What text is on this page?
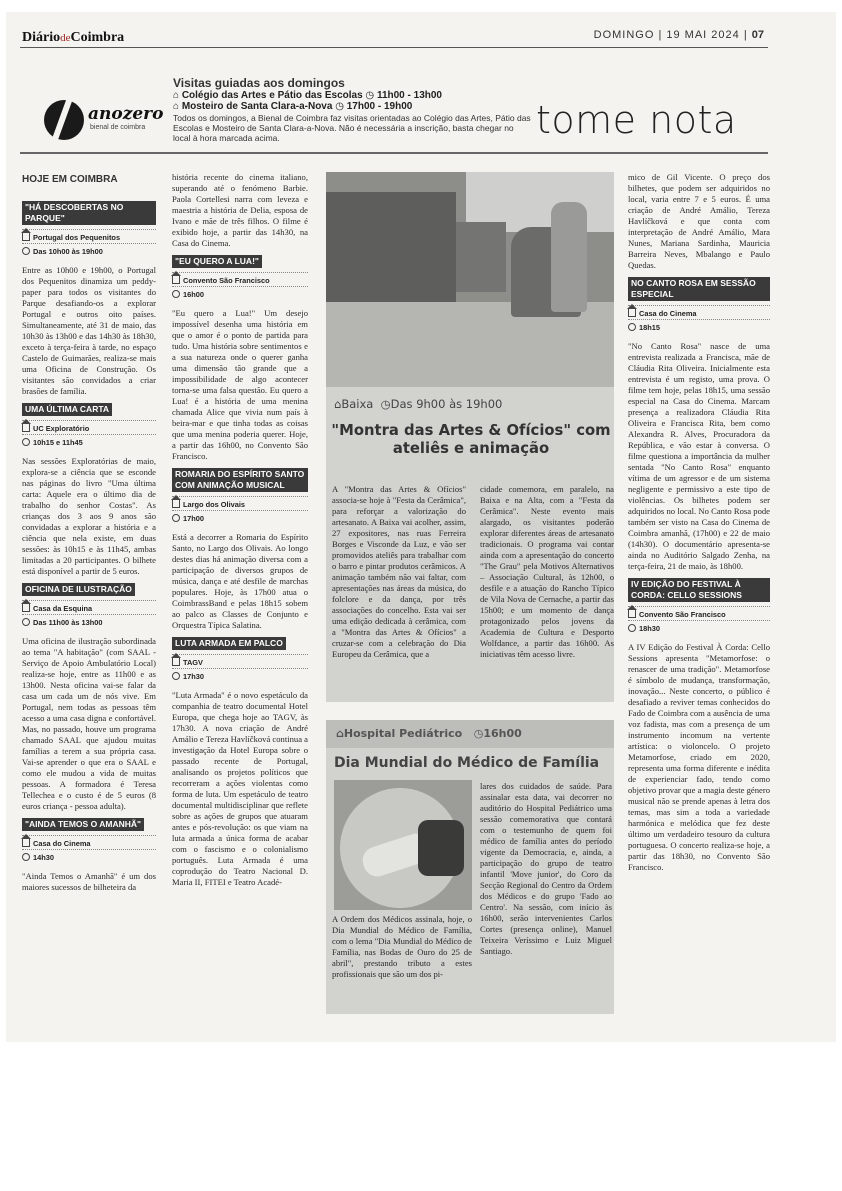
DiáriodeCoimbra	DOMINGO | 19 MAI 2024 | 07
anozero
bienal de coimbra
Visitas guiadas aos domingos
⌂ Colégio das Artes e Pátio das Escolas ◷ 11h00 - 13h00
⌂ Mosteiro de Santa Clara-a-Nova ◷ 17h00 - 19h00
Todos os domingos, a Bienal de Coimbra faz visitas orientadas ao Colégio das Artes, Pátio das Escolas e Mosteiro de Santa Clara-a-Nova. Não é necessária a inscrição, basta chegar no local à hora marcada acima.	tome nota
HOJE EM COIMBRA
"HÁ DESCOBERTAS NO PARQUE"
Portugal dos Pequenitos
Das 10h00 às 19h00

Entre as 10h00 e 19h00, o Portugal dos Pequenitos dinamiza um peddy-paper para todos os visitantes do Parque desafiando-os a explorar Portugal e outros oito países. Simultaneamente, até 31 de maio, das 10h30 às 13h00 e das 14h30 às 18h30, exceto à terça-feira à tarde, no espaço Castelo de Guimarães, realiza-se mais uma Oficina de Construção. Os visitantes são convidados a criar brasões de família.

UMA ÚLTIMA CARTA
UC Exploratório
10h15 e 11h45

Nas sessões Exploratórias de maio, explora-se a ciência que se esconde nas páginas do livro "Uma última carta: Aquele era o último dia de trabalho do senhor Costas". As crianças dos 3 aos 9 anos são convidadas a explorar a história e a ciência que nela existe, em duas sessões: às 10h15 e às 11h45, ambas limitadas a 20 participantes. O bilhete está disponível a partir de 5 euros.

OFICINA DE ILUSTRAÇÃO
Casa da Esquina
Das 11h00 às 13h00

Uma oficina de ilustração subordinada ao tema "A habitação" (com SAAL - Serviço de Apoio Ambulatório Local) realiza-se hoje, entre as 11h00 e as 13h00. Nesta oficina vai-se falar da casa um cada um de nós vive. Em Portugal, nem todas as pessoas têm acesso a uma casa digna e confortável. Mas, no passado, houve um programa chamado SAAL que ajudou muitas famílias a terem a sua própria casa. Vai-se aprender o que era o SAAL e como ele mudou a vida de muitas pessoas. A formadora é Teresa Tellechea e o custo é de 5 euros (8 euros criança - pessoa adulta).

"AINDA TEMOS O AMANHÃ"
Casa do Cinema
14h30

"Ainda Temos o Amanhã" é um dos maiores sucessos de bilheteira da

história recente do cinema italiano, superando até o fenómeno Barbie. Paola Cortellesi narra com leveza e maestria a história de Delia, esposa de Ivano e mãe de três filhos. O filme é exibido hoje, a partir das 14h30, na Casa do Cinema.

"EU QUERO A LUA!"
Convento São Francisco
16h00

"Eu quero a Lua!" Um desejo impossível desenha uma história em que o amor é o ponto de partida para tudo. Uma história sobre sentimentos e a sua natureza onde o querer ganha uma dimensão tão grande que a impossibilidade de algo acontecer torna-se uma falsa questão. Eu quero a Lua! é a história de uma menina chamada Alice que vivia num país à beira-mar e que tinha todas as coisas que uma menina poderia querer. Hoje, a partir das 16h00, no Convento São Francisco.

ROMARIA DO ESPÍRITO SANTO COM ANIMAÇÃO MUSICAL
Largo dos Olivais
17h00

Está a decorrer a Romaria do Espírito Santo, no Largo dos Olivais. Ao longo destes dias há animação diversa com a participação de diversos grupos de música, dança e até desfile de marchas populares. Hoje, às 17h00 atua o CoimbrassBand e pelas 18h15 sobem ao palco as Classes de Conjunto e Orquestra Típica Salatina.

LUTA ARMADA EM PALCO
TAGV
17h30

"Luta Armada" é o novo espetáculo da companhia de teatro documental Hotel Europa, que chega hoje ao TAGV, às 17h30. A nova criação de André Amálio e Tereza Havlíčková continua a investigação da Hotel Europa sobre o passado recente de Portugal, analisando os projetos políticos que recorreram a ações violentas como forma de luta. Um espetáculo de teatro documental multidisciplinar que reflete sobre as ações de grupos que atuaram antes e pós-revolução: os que viam na luta armada a única forma de acabar com o fascismo e o colonialismo português. Luta Armada é uma coprodução do Teatro Nacional D. Maria II, FITEI e Teatro Acadé-

⌂Baixa ◷Das 9h00 às 19h00
"Montra das Artes & Ofícios" com ateliês e animação
A "Montra das Artes & Ofícios" associa-se hoje à "Festa da Cerâmica", para reforçar a valorização do artesanato. A Baixa vai acolher, assim, 27 expositores, nas ruas Ferreira Borges e Visconde da Luz, e vão ser promovidos ateliês para trabalhar com o barro e pintar produtos cerâmicos. A animação também não vai faltar, com apresentações nas áreas da música, do folclore e da dança, por três associações do concelho. Esta vai ser uma edição dedicada à cerâmica, com a "Montra das Artes & Ofícios" a cruzar-se com a celebração do Dia Europeu da Cerâmica, que a
cidade comemora, em paralelo, na Baixa e na Alta, com a "Festa da Cerâmica". Neste evento mais alargado, os visitantes poderão explorar diferentes áreas de artesanato tradicionais. O programa vai contar ainda com a apresentação do concerto "The Grau" pela Motivos Alternativos – Associação Cultural, às 12h00, o desfile e a atuação do Rancho Típico de Vila Nova de Cernache, a partir das 15h00; e um momento de dança protagonizado pelos jovens da Academia de Cultura e Desporto Wolfdance, a partir das 16h00. As iniciativas têm acesso livre.
⌂Hospital Pediátrico ◷16h00
Dia Mundial do Médico de Família
A Ordem dos Médicos assinala, hoje, o Dia Mundial do Médico de Família, com o lema "Dia Mundial do Médico de Família, nas Bodas de Ouro do 25 de abril", prestando tributo a estes profissionais que são um dos pi-
lares dos cuidados de saúde. Para assinalar esta data, vai decorrer no auditório do Hospital Pediátrico uma sessão comemorativa que contará com o testemunho de quem foi médico de família antes do período vigente da Democracia, e, ainda, a participação do grupo de teatro infantil 'Move junior', do Coro da Secção Regional do Centro da Ordem dos Médicos e do grupo 'Fado ao Centro'. Na sessão, com início às 16h00, serão intervenientes Carlos Cortes (presença online), Manuel Teixeira Veríssimo e Luiz Miguel Santiago.

mico de Gil Vicente. O preço dos bilhetes, que podem ser adquiridos no local, varia entre 7 e 5 euros. É uma criação de André Amálio, Tereza Havlíčková e que conta com interpretação de André Amálio, Mara Nunes, Mariana Sardinha, Mauricia Barreira Neves, Mbalango e Paulo Quedas.

NO CANTO ROSA EM SESSÃO ESPECIAL
Casa do Cinema
18h15

"No Canto Rosa" nasce de uma entrevista realizada a Francisca, mãe de Cláudia Rita Oliveira. Inicialmente esta entrevista é um registo, uma prova. O filme tem hoje, pelas 18h15, uma sessão especial na Casa do Cinema. Marcam presença a realizadora Cláudia Rita Oliveira e Francisca Rita, bem como Alexandra R. Alves, Procuradora da República, e vão estar à conversa. O filme questiona a importância da mulher sentada "No Canto Rosa" enquanto vítima de um agressor e de um sistema negligente e permissivo a este tipo de violências. Os bilhetes podem ser adquiridos no local. No Canto Rosa pode também ser visto na Casa do Cinema de Coimbra amanhã, (17h00) e 22 de maio (14h30). O documentário apresenta-se ainda no Auditório Salgado Zenha, na terça-feira, 21 de maio, às 18h00.

IV EDIÇÃO DO FESTIVAL À CORDA: CELLO SESSIONS
Convento São Francisco
18h30

A IV Edição do Festival À Corda: Cello Sessions apresenta "Metamorfose: o renascer de uma tradição". Metamorfose é símbolo de mudança, transformação, inovação... Neste concerto, o público é desafiado a reviver temas conhecidos do Fado de Coimbra com a ausência de uma voz fadista, mas com a presença de um instrumento incomum na vertente artística: o violoncelo. O projeto Metamorfose, criado em 2020, representa uma forma diferente e inédita de experienciar fado, tendo como objetivo provar que a magia deste género musical não se prende apenas à letra dos temas, mas sim a toda a variedade harmónica e melódica que fez deste último um verdadeiro tesouro da cultura portuguesa. O concerto realiza-se hoje, a partir das 18h30, no Convento São Francisco.
